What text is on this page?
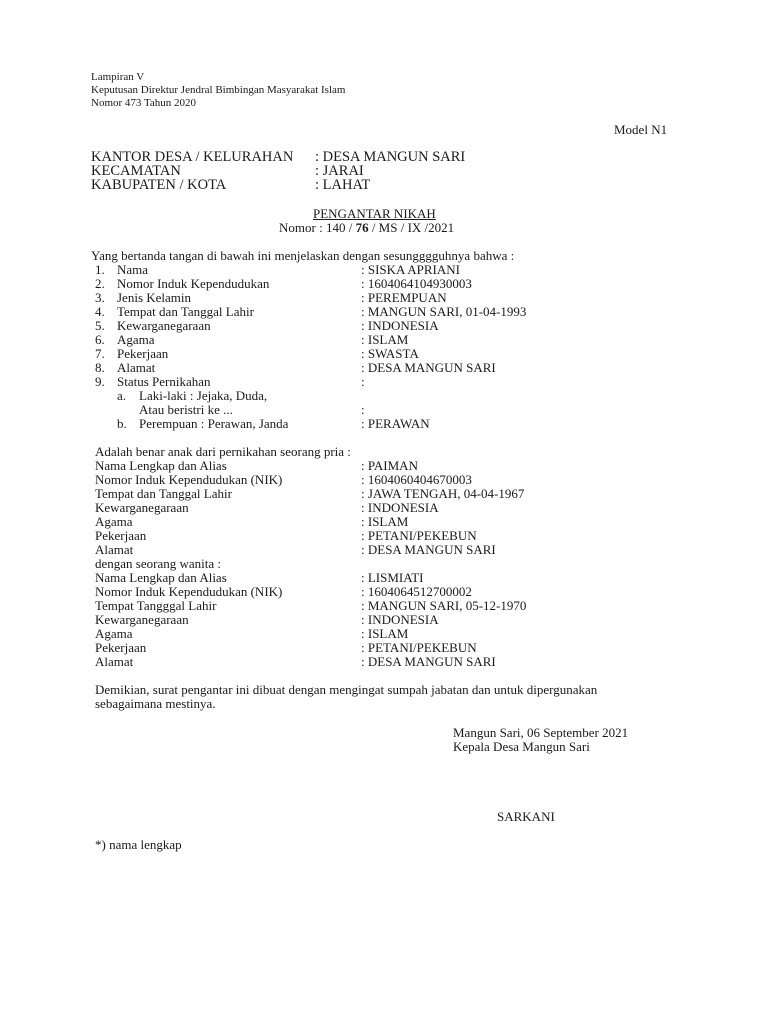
Lampiran V
Keputusan Direktur Jendral Bimbingan Masyarakat Islam
Nomor 473 Tahun 2020
Model N1
KANTOR DESA / KELURAHAN : DESA MANGUN SARI
KECAMATAN	: JARAI
KABUPATEN / KOTA	: LAHAT
PENGANTAR NIKAH
Nomor : 140 / 76 / MS / IX /2021
Yang bertanda tangan di bawah ini menjelaskan dengan sesungggguhnya bahwa :
1. Nama	: SISKA APRIANI
2. Nomor Induk Kependudukan	: 1604064104930003
3. Jenis Kelamin	: PEREMPUAN
4. Tempat dan Tanggal Lahir	: MANGUN SARI, 01-04-1993
5. Kewarganegaraan	: INDONESIA
6. Agama	: ISLAM
7. Pekerjaan	: SWASTA
8. Alamat	: DESA MANGUN SARI
9. Status Pernikahan	:
a. Laki-laki : Jejaka, Duda,
Atau beristri ke ...	:
b. Perempuan : Perawan, Janda	: PERAWAN
Adalah benar anak dari pernikahan seorang pria :
Nama Lengkap dan Alias	: PAIMAN
Nomor Induk Kependudukan (NIK)	: 1604060404670003
Tempat dan Tanggal Lahir	: JAWA TENGAH, 04-04-1967
Kewarganegaraan	: INDONESIA
Agama	: ISLAM
Pekerjaan	: PETANI/PEKEBUN
Alamat	: DESA MANGUN SARI
dengan seorang wanita :
Nama Lengkap dan Alias	: LISMIATI
Nomor Induk Kependudukan (NIK)	: 1604064512700002
Tempat Tangggal Lahir	: MANGUN SARI, 05-12-1970
Kewarganegaraan	: INDONESIA
Agama	: ISLAM
Pekerjaan	: PETANI/PEKEBUN
Alamat	: DESA MANGUN SARI
Demikian, surat pengantar ini dibuat dengan mengingat sumpah jabatan dan untuk dipergunakan
sebagaimana mestinya.
Mangun Sari, 06 September 2021
Kepala Desa Mangun Sari
SARKANI
*) nama lengkap
